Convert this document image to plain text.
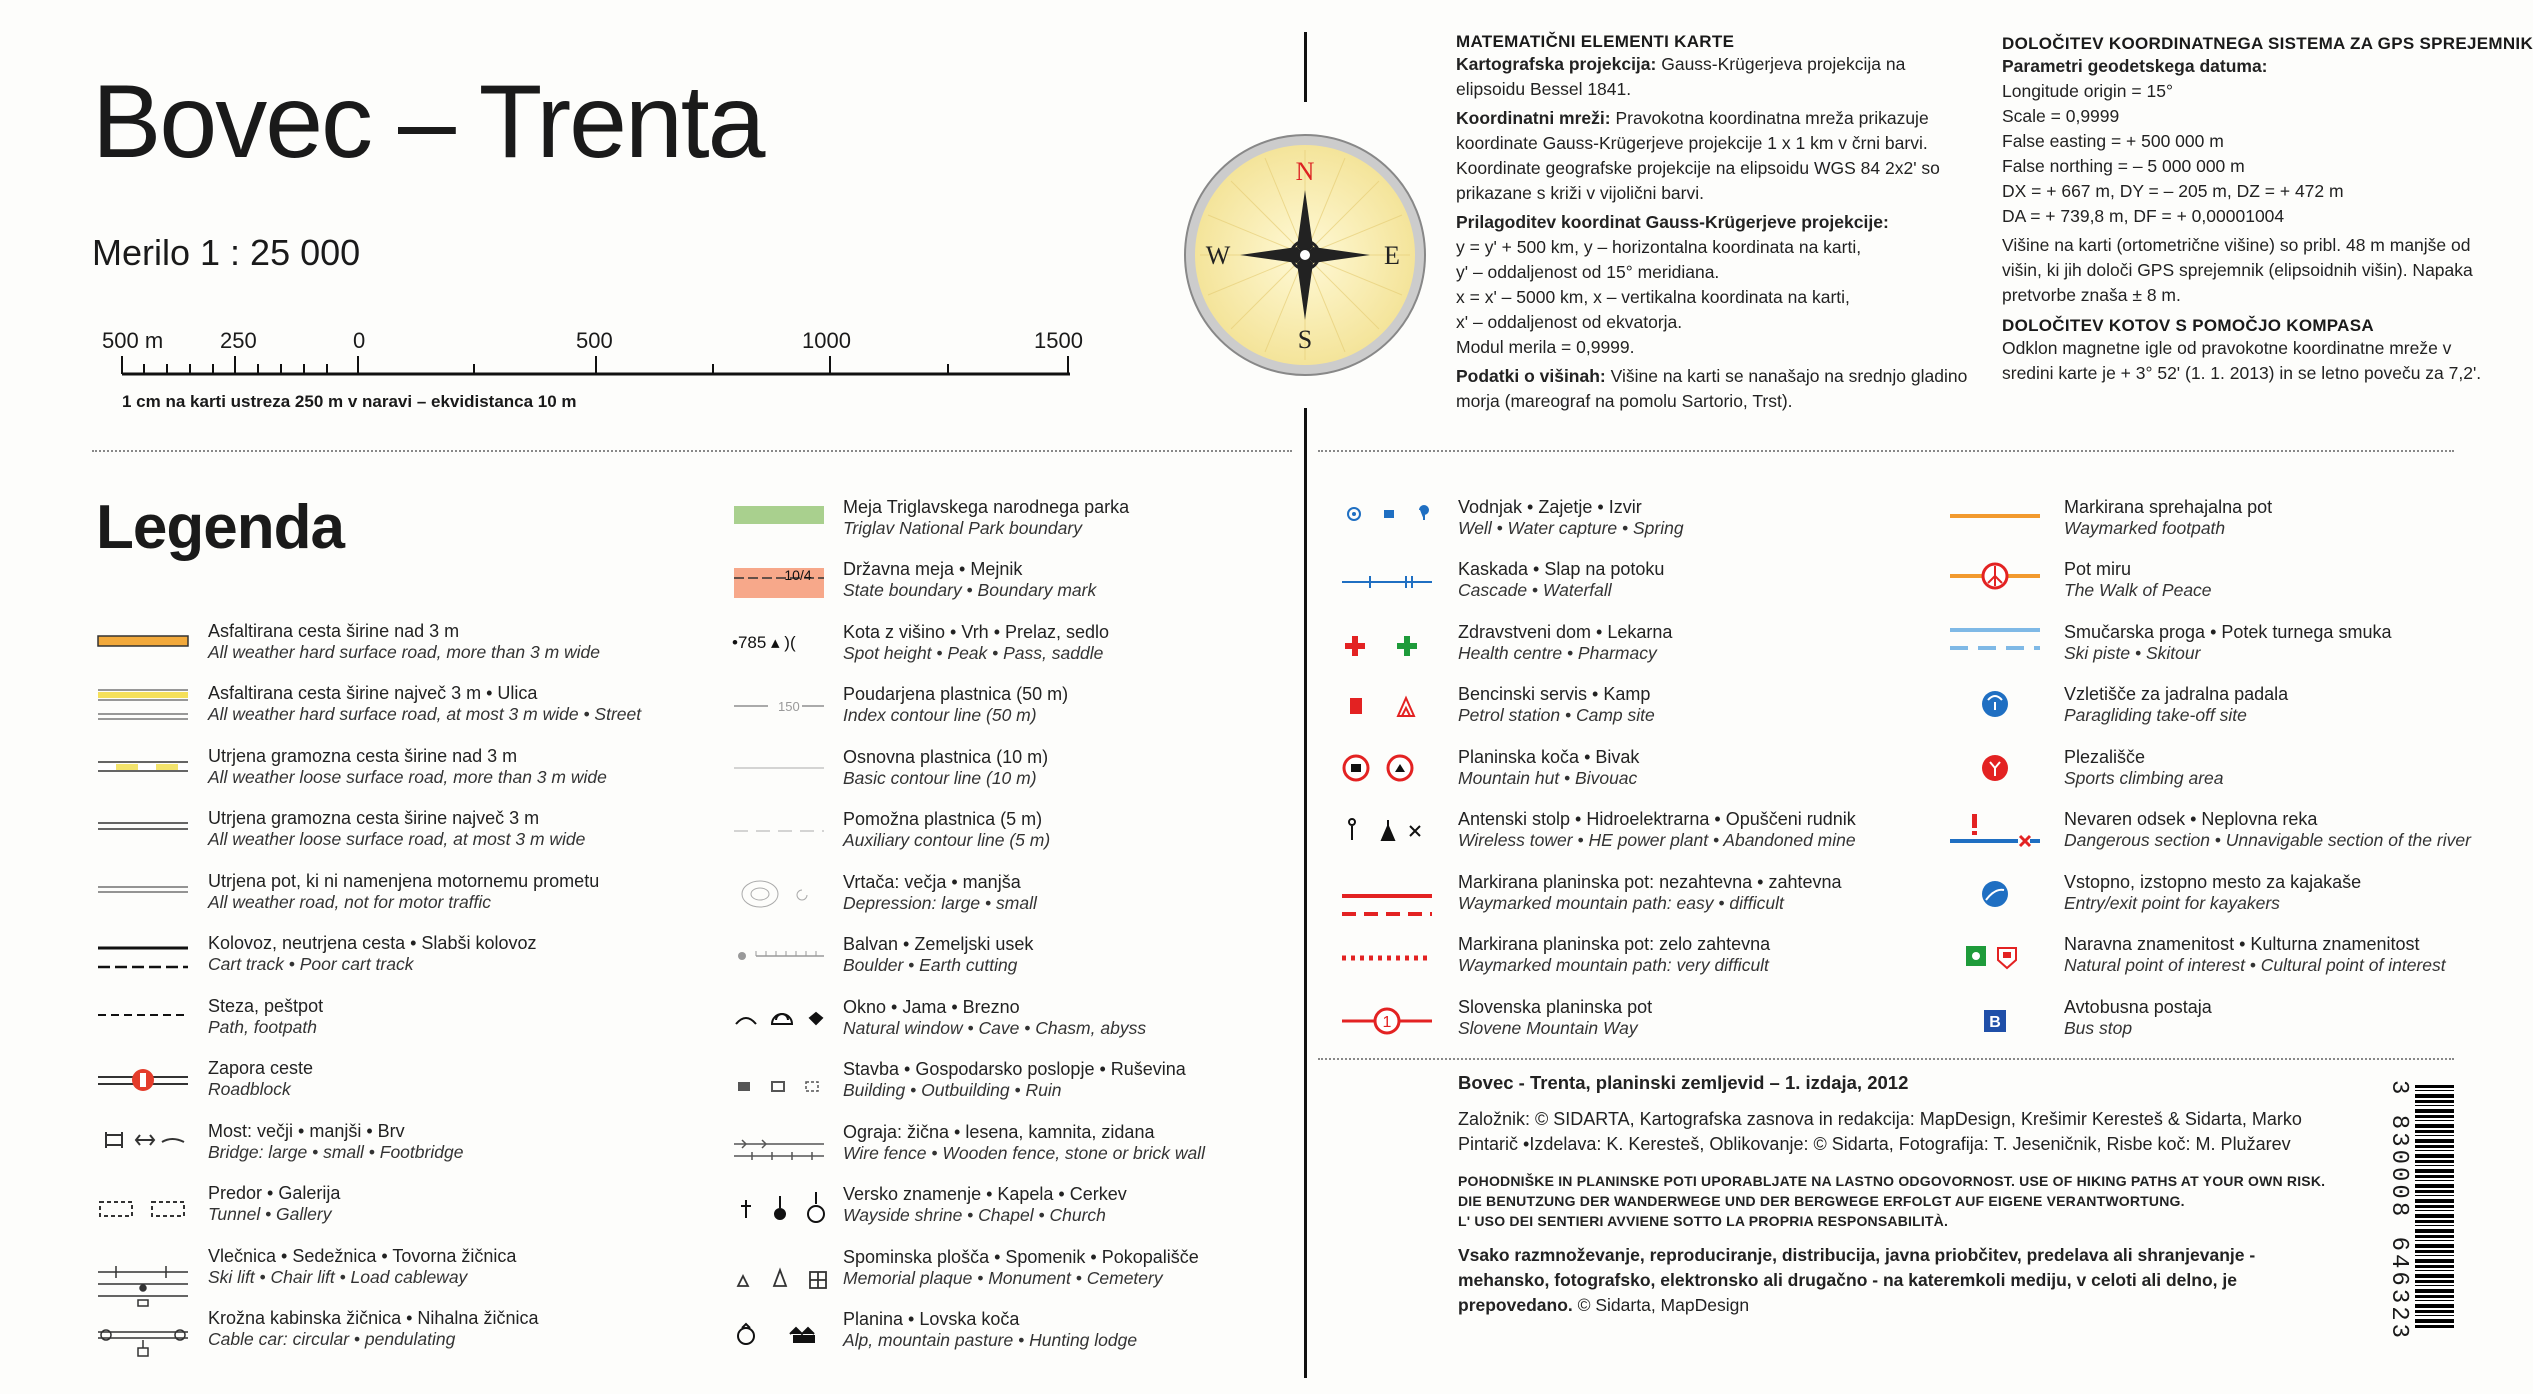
Bovec – Trenta
Merilo 1 : 25 000
500 m	250	0	500	1000	1500
1 cm na karti ustreza 250 m v naravi – ekvidistanca 10 m
N
S
E
W
MATEMATIČNI ELEMENTI KARTE
Kartografska projekcija: Gauss-Krügerjeva projekcija na elipsoidu Bessel 1841.
Koordinatni mreži: Pravokotna koordinatna mreža prikazuje koordinate Gauss-Krügerjeve projekcije 1 x 1 km v črni barvi. Koordinate geografske projekcije na elipsoidu WGS 84 2x2' so prikazane s križi v vijolični barvi.
Prilagoditev koordinat Gauss-Krügerjeve projekcije:
y = y' + 500 km, y – horizontalna koordinata na karti,
y' – oddaljenost od 15° meridiana.
x = x' – 5000 km, x – vertikalna koordinata na karti,
x' – oddaljenost od ekvatorja.
Modul merila = 0,9999.
Podatki o višinah: Višine na karti se nanašajo na srednjo gladino morja (mareograf na pomolu Sartorio, Trst).
DOLOČITEV KOORDINATNEGA SISTEMA ZA GPS SPREJEMNIK
Parametri geodetskega datuma:
Longitude origin = 15°
Scale = 0,9999
False easting = + 500 000 m
False northing = – 5 000 000 m
DX = + 667 m, DY = – 205 m, DZ = + 472 m
DA = + 739,8 m, DF = + 0,00001004
Višine na karti (ortometrične višine) so pribl. 48 m manjše od višin, ki jih določi GPS sprejemnik (elipsoidnih višin). Napaka pretvorbe znaša ± 8 m.
DOLOČITEV KOTOV S POMOČJO KOMPASA
Odklon magnetne igle od pravokotne koordinatne mreže v sredini karte je + 3° 52' (1. 1. 2013) in se letno poveču za 7,2'.
Legenda
Asfaltirana cesta širine nad 3 m
All weather hard surface road, more than 3 m wide
Asfaltirana cesta širine največ 3 m • Ulica
All weather hard surface road, at most 3 m wide • Street
Utrjena gramozna cesta širine nad 3 m
All weather loose surface road, more than 3 m wide
Utrjena gramozna cesta širine največ 3 m
All weather loose surface road, at most 3 m wide
Utrjena pot, ki ni namenjena motornemu prometu
All weather road, not for motor traffic
Kolovoz, neutrjena cesta • Slabši kolovoz
Cart track • Poor cart track
Steza, peštpot
Path, footpath
Zapora ceste
Roadblock
Most: večji • manjši • Brv
Bridge: large • small • Footbridge
Predor • Galerija
Tunnel • Gallery
Vlečnica • Sedežnica • Tovorna žičnica
Ski lift • Chair lift • Load cableway
Krožna kabinska žičnica • Nihalna žičnica
Cable car: circular • pendulating
10/4
•785 ▴ )(
150
Meja Triglavskega narodnega parka
Triglav National Park boundary
Državna meja • Mejnik
State boundary • Boundary mark
Kota z višino • Vrh • Prelaz, sedlo
Spot height • Peak • Pass, saddle
Poudarjena plastnica (50 m)
Index contour line (50 m)
Osnovna plastnica (10 m)
Basic contour line (10 m)
Pomožna plastnica (5 m)
Auxiliary contour line (5 m)
Vrtača: večja • manjša
Depression: large • small
Balvan • Zemeljski usek
Boulder • Earth cutting
Okno • Jama • Brezno
Natural window • Cave • Chasm, abyss
Stavba • Gospodarsko poslopje • Ruševina
Building • Outbuilding • Ruin
Ograja: žična • lesena, kamnita, zidana
Wire fence • Wooden fence, stone or brick wall
Versko znamenje • Kapela • Cerkev
Wayside shrine • Chapel • Church
Spominska plošča • Spomenik • Pokopališče
Memorial plaque • Monument • Cemetery
Planina • Lovska koča
Alp, mountain pasture • Hunting lodge
1
Vodnjak • Zajetje • Izvir
Well • Water capture • Spring
Kaskada • Slap na potoku
Cascade • Waterfall
Zdravstveni dom • Lekarna
Health centre • Pharmacy
Bencinski servis • Kamp
Petrol station • Camp site
Planinska koča • Bivak
Mountain hut • Bivouac
Antenski stolp • Hidroelektrarna • Opuščeni rudnik
Wireless tower • HE power plant • Abandoned mine
Markirana planinska pot: nezahtevna • zahtevna
Waymarked mountain path: easy • difficult
Markirana planinska pot: zelo zahtevna
Waymarked mountain path: very difficult
Slovenska planinska pot
Slovene Mountain Way	B
Markirana sprehajalna pot
Waymarked footpath
Pot miru
The Walk of Peace
Smučarska proga • Potek turnega smuka
Ski piste • Skitour
Vzletišče za jadralna padala
Paragliding take-off site
Plezališče
Sports climbing area
Nevaren odsek • Neplovna reka
Dangerous section • Unnavigable section of the river
Vstopno, izstopno mesto za kajakaše
Entry/exit point for kayakers
Naravna znamenitost • Kulturna znamenitost
Natural point of interest • Cultural point of interest
Avtobusna postaja
Bus stop
Bovec - Trenta, planinski zemljevid – 1. izdaja, 2012
Založnik: © SIDARTA, Kartografska zasnova in redakcija: MapDesign, Krešimir Keresteš & Sidarta, Marko Pintarič •Izdelava: K. Keresteš, Oblikovanje: © Sidarta, Fotografija: T. Jeseničnik, Risbe koč: M. Plužarev
POHODNIŠKE IN PLANINSKE POTI UPORABLJATE NA LASTNO ODGOVORNOST. USE OF HIKING PATHS AT YOUR OWN RISK.
DIE BENUTZUNG DER WANDERWEGE UND DER BERGWEGE ERFOLGT AUF EIGENE VERANTWORTUNG.
L' USO DEI SENTIERI AVVIENE SOTTO LA PROPRIA RESPONSABILITÀ.
Vsako razmnoževanje, reproduciranje, distribucija, javna priobčitev, predelava ali shranjevanje - mehansko, fotografsko, elektronsko ali drugačno - na kateremkoli mediju, v celoti ali delno, je prepovedano. © Sidarta, MapDesign	3 830008 646323
